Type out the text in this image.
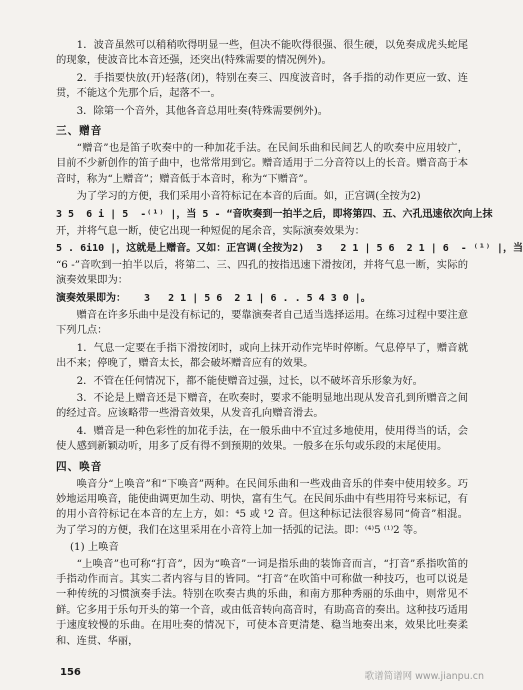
1．波音虽然可以稍稍吹得明显一些，但决不能吹得很强、很生硬，以免奏成虎头蛇尾的现象，使波音比本音还强，还突出(特殊需要的情况例外)。

2．手指要快放(开)轻落(闭)，特别在奏三、四度波音时，各手指的动作更应一致、连贯，不能这个先那个后，起落不一。

3．除第一个音外，其他各音总用吐奏(特殊需要例外)。

三、赠音

“赠音”也是笛子吹奏中的一种加花手法。在民间乐曲和民间艺人的吹奏中应用较广，目前不少新创作的笛子曲中，也常常用到它。赠音适用于二分音符以上的长音。赠音高于本音时，称为“上赠音”；赠音低于本音时，称为“下赠音”。

为了学习的方便，我们采用小音符标记在本音的后面。如，正宫调(全按为2)

3 5  6 i | 5  -⁽¹⁾ |，当 5 - “音吹奏到一拍半之后，即将第四、五、六孔迅速依次向上抹

开，并将气息一断，使它出现一种短促的尾余音，实际演奏效果为：

5 . 6i10 |，这就是上赠音。又如：正宫调(全按为2)  3   2 1 | 5 6  2 1 | 6  - ⁽¹⁾ |，当

“6 -”音吹到一拍半以后，将第二、三、四孔的按指迅速下滑按闭，并将气息一断，实际的演奏效果即为：

演奏效果即为：   3   2 1 | 5 6  2 1 | 6 . . 5 4 3 0 |。

赠音在许多乐曲中是没有标记的，要靠演奏者自己适当选择运用。在练习过程中要注意下列几点：

1．气息一定要在手指下滑按闭时，或向上抹开动作完毕时停断。气息停早了，赠音就出不来；停晚了，赠音太长，都会破坏赠音应有的效果。

2．不管在任何情况下，都不能使赠音过强，过长，以不破坏音乐形象为好。

3．不论是上赠音还是下赠音，在吹奏时，要求不能明显地出现从发音孔到所赠音之间的经过音。应该略带一些滑音效果，从发音孔向赠音滑去。

4．赠音是一种色彩性的加花手法，在一般乐曲中不宜过多地使用，使用得当的话，会使人感到新颖动听，用多了反有得不到预期的效果。一般多在乐句或乐段的末尾使用。

四、唤音

唤音分“上唤音”和“下唤音”两种。在民间乐曲和一些戏曲音乐的伴奏中使用较多。巧妙地运用唤音，能使曲调更加生动、明快，富有生气。在民间乐曲中有些用符号来标记，有的用小音符标记在本音的左上方，如：⁴5 或 ¹2 音。但这种标记法很容易同“倚音”相混。为了学习的方便，我们在这里采用在小音符上加一括弧的记法。即：⁽⁴⁾5 ⁽¹⁾2 等。

(1) 上唤音

“上唤音”也可称“打音”，因为“唤音”一词是指乐曲的装饰音而言，“打音”系指吹笛的手指动作而言。其实二者内容与目的皆同。“打音”在吹笛中可称做一种技巧，也可以说是一种传统的习惯演奏手法。特别在吹奏古典的乐曲，和南方那种秀丽的乐曲中，则常见不鲜。它多用于乐句开头的第一个音，或由低音转向高音时，有助高音的奏出。这种技巧适用于速度较慢的乐曲。在用吐奏的情况下，可使本音更清楚、稳当地奏出来，效果比吐奏柔和、连贯、华丽，

156	歌谱简谱网 www.jianpu.cn
